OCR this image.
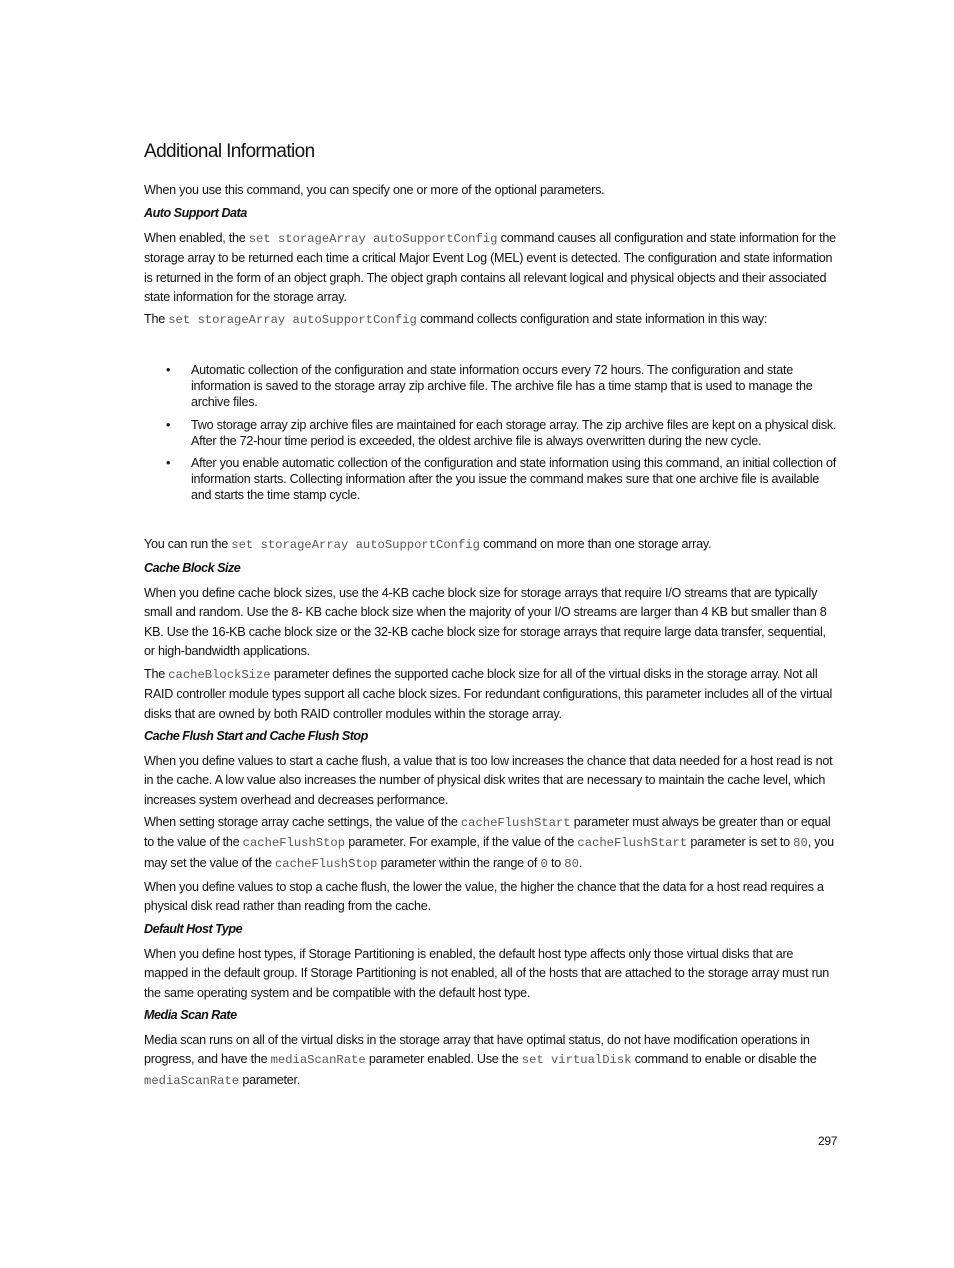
Additional Information

When you use this command, you can specify one or more of the optional parameters.

Auto Support Data

When enabled, the set storageArray autoSupportConfig command causes all configuration and state information for the storage array to be returned each time a critical Major Event Log (MEL) event is detected. The configuration and state information is returned in the form of an object graph. The object graph contains all relevant logical and physical objects and their associated state information for the storage array.

The set storageArray autoSupportConfig command collects configuration and state information in this way:

• Automatic collection of the configuration and state information occurs every 72 hours. The configuration and state information is saved to the storage array zip archive file. The archive file has a time stamp that is used to manage the archive files.
• Two storage array zip archive files are maintained for each storage array. The zip archive files are kept on a physical disk. After the 72-hour time period is exceeded, the oldest archive file is always overwritten during the new cycle.
• After you enable automatic collection of the configuration and state information using this command, an initial collection of information starts. Collecting information after the you issue the command makes sure that one archive file is available and starts the time stamp cycle.

You can run the set storageArray autoSupportConfig command on more than one storage array.

Cache Block Size

When you define cache block sizes, use the 4-KB cache block size for storage arrays that require I/O streams that are typically small and random. Use the 8- KB cache block size when the majority of your I/O streams are larger than 4 KB but smaller than 8 KB. Use the 16-KB cache block size or the 32-KB cache block size for storage arrays that require large data transfer, sequential, or high-bandwidth applications.

The cacheBlockSize parameter defines the supported cache block size for all of the virtual disks in the storage array. Not all RAID controller module types support all cache block sizes. For redundant configurations, this parameter includes all of the virtual disks that are owned by both RAID controller modules within the storage array.

Cache Flush Start and Cache Flush Stop

When you define values to start a cache flush, a value that is too low increases the chance that data needed for a host read is not in the cache. A low value also increases the number of physical disk writes that are necessary to maintain the cache level, which increases system overhead and decreases performance.

When setting storage array cache settings, the value of the cacheFlushStart parameter must always be greater than or equal to the value of the cacheFlushStop parameter. For example, if the value of the cacheFlushStart parameter is set to 80, you may set the value of the cacheFlushStop parameter within the range of 0 to 80.

When you define values to stop a cache flush, the lower the value, the higher the chance that the data for a host read requires a physical disk read rather than reading from the cache.

Default Host Type

When you define host types, if Storage Partitioning is enabled, the default host type affects only those virtual disks that are mapped in the default group. If Storage Partitioning is not enabled, all of the hosts that are attached to the storage array must run the same operating system and be compatible with the default host type.

Media Scan Rate

Media scan runs on all of the virtual disks in the storage array that have optimal status, do not have modification operations in progress, and have the mediaScanRate parameter enabled. Use the set virtualDisk command to enable or disable the mediaScanRate parameter.

297
